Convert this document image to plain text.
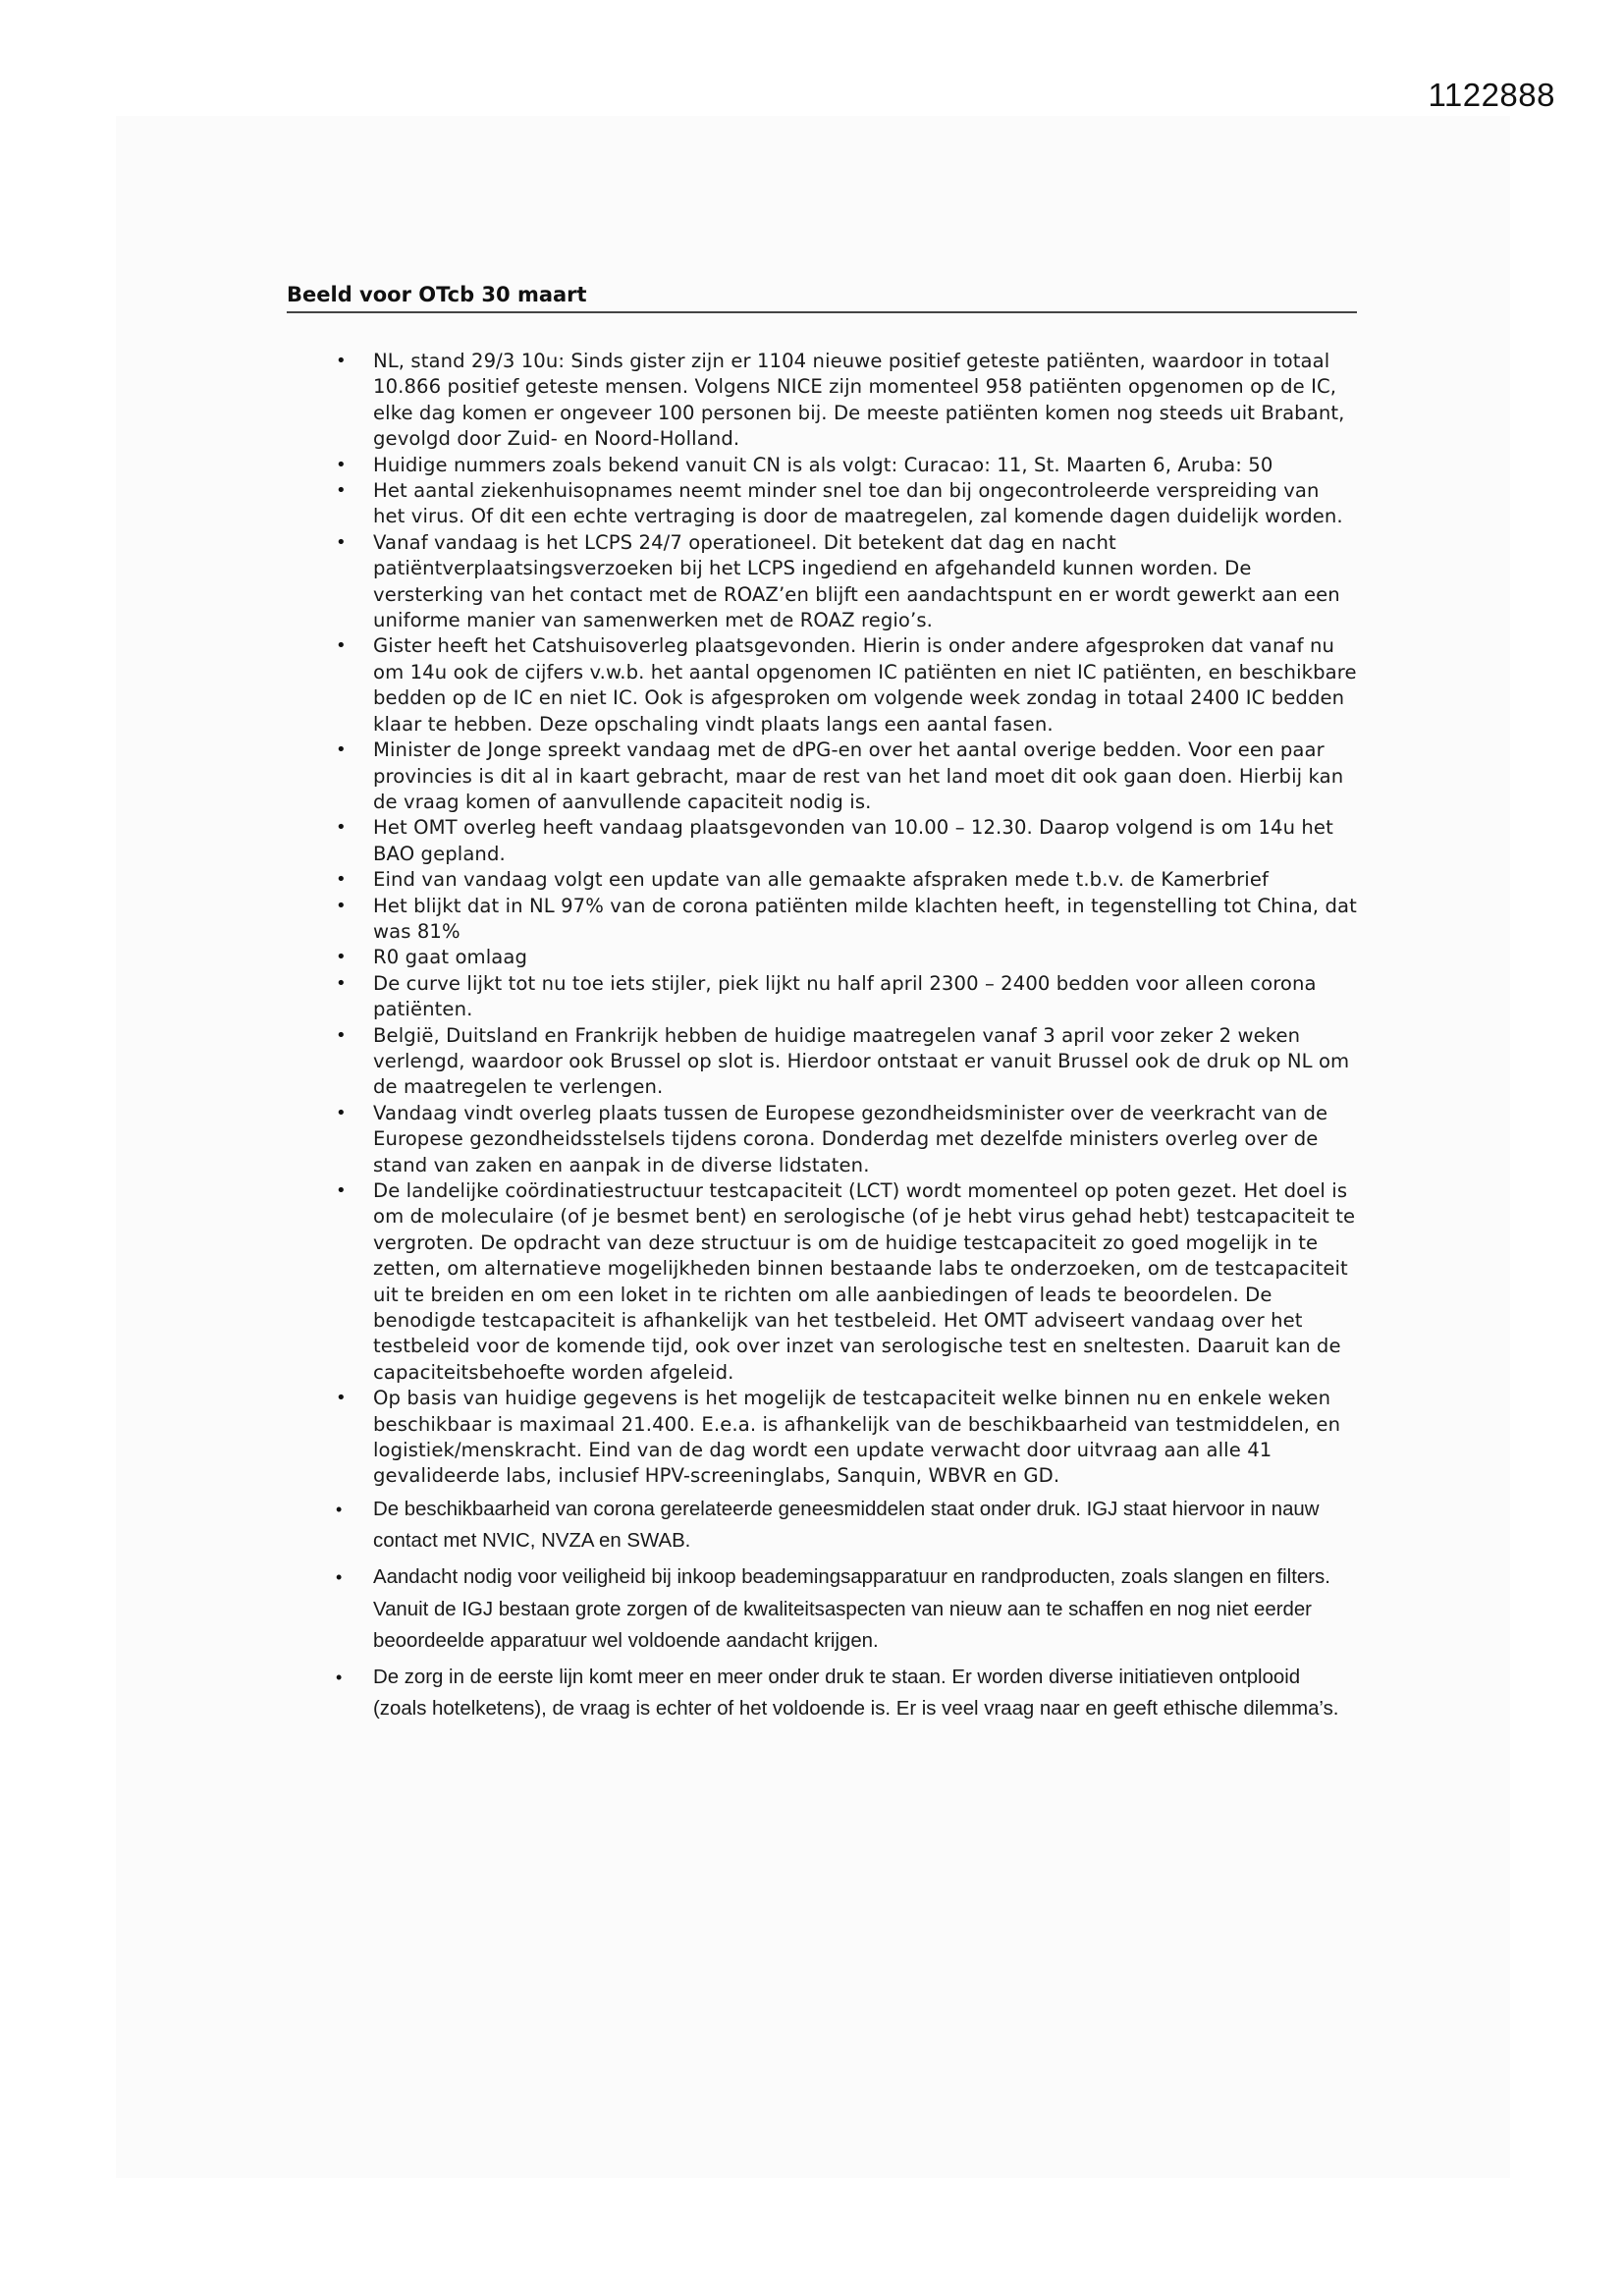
1122888
Beeld voor OTcb 30 maart
• NL, stand 29/3 10u: Sinds gister zijn er 1104 nieuwe positief geteste patiënten, waardoor in totaal 10.866 positief geteste mensen. Volgens NICE zijn momenteel 958 patiënten opgenomen op de IC, elke dag komen er ongeveer 100 personen bij. De meeste patiënten komen nog steeds uit Brabant, gevolgd door Zuid- en Noord-Holland.
• Huidige nummers zoals bekend vanuit CN is als volgt: Curacao: 11, St. Maarten 6, Aruba: 50
• Het aantal ziekenhuisopnames neemt minder snel toe dan bij ongecontroleerde verspreiding van het virus. Of dit een echte vertraging is door de maatregelen, zal komende dagen duidelijk worden.
• Vanaf vandaag is het LCPS 24/7 operationeel. Dit betekent dat dag en nacht patiëntverplaatsingsverzoeken bij het LCPS ingediend en afgehandeld kunnen worden. De versterking van het contact met de ROAZ’en blijft een aandachtspunt en er wordt gewerkt aan een uniforme manier van samenwerken met de ROAZ regio’s.
• Gister heeft het Catshuisoverleg plaatsgevonden. Hierin is onder andere afgesproken dat vanaf nu om 14u ook de cijfers v.w.b. het aantal opgenomen IC patiënten en niet IC patiënten, en beschikbare bedden op de IC en niet IC. Ook is afgesproken om volgende week zondag in totaal 2400 IC bedden klaar te hebben. Deze opschaling vindt plaats langs een aantal fasen.
• Minister de Jonge spreekt vandaag met de dPG-en over het aantal overige bedden. Voor een paar provincies is dit al in kaart gebracht, maar de rest van het land moet dit ook gaan doen. Hierbij kan de vraag komen of aanvullende capaciteit nodig is.
• Het OMT overleg heeft vandaag plaatsgevonden van 10.00 – 12.30. Daarop volgend is om 14u het BAO gepland.
• Eind van vandaag volgt een update van alle gemaakte afspraken mede t.b.v. de Kamerbrief
• Het blijkt dat in NL 97% van de corona patiënten milde klachten heeft, in tegenstelling tot China, dat was 81%
• R0 gaat omlaag
• De curve lijkt tot nu toe iets stijler, piek lijkt nu half april 2300 – 2400 bedden voor alleen corona patiënten.
• België, Duitsland en Frankrijk hebben de huidige maatregelen vanaf 3 april voor zeker 2 weken verlengd, waardoor ook Brussel op slot is. Hierdoor ontstaat er vanuit Brussel ook de druk op NL om de maatregelen te verlengen.
• Vandaag vindt overleg plaats tussen de Europese gezondheidsminister over de veerkracht van de Europese gezondheidsstelsels tijdens corona. Donderdag met dezelfde ministers overleg over de stand van zaken en aanpak in de diverse lidstaten.
• De landelijke coördinatiestructuur testcapaciteit (LCT) wordt momenteel op poten gezet. Het doel is om de moleculaire (of je besmet bent) en serologische (of je hebt virus gehad hebt) testcapaciteit te vergroten. De opdracht van deze structuur is om de huidige testcapaciteit zo goed mogelijk in te zetten, om alternatieve mogelijkheden binnen bestaande labs te onderzoeken, om de testcapaciteit uit te breiden en om een loket in te richten om alle aanbiedingen of leads te beoordelen. De benodigde testcapaciteit is afhankelijk van het testbeleid. Het OMT adviseert vandaag over het testbeleid voor de komende tijd, ook over inzet van serologische test en sneltesten. Daaruit kan de capaciteitsbehoefte worden afgeleid.
• Op basis van huidige gegevens is het mogelijk de testcapaciteit welke binnen nu en enkele weken beschikbaar is maximaal 21.400. E.e.a. is afhankelijk van de beschikbaarheid van testmiddelen, en logistiek/menskracht. Eind van de dag wordt een update verwacht door uitvraag aan alle 41 gevalideerde labs, inclusief HPV-screeninglabs, Sanquin, WBVR en GD.
• De beschikbaarheid van corona gerelateerde geneesmiddelen staat onder druk. IGJ staat hiervoor in nauw contact met NVIC, NVZA en SWAB.
• Aandacht nodig voor veiligheid bij inkoop beademingsapparatuur en randproducten, zoals slangen en filters. Vanuit de IGJ bestaan grote zorgen of de kwaliteitsaspecten van nieuw aan te schaffen en nog niet eerder beoordeelde apparatuur wel voldoende aandacht krijgen.
• De zorg in de eerste lijn komt meer en meer onder druk te staan. Er worden diverse initiatieven ontplooid (zoals hotelketens), de vraag is echter of het voldoende is. Er is veel vraag naar en geeft ethische dilemma’s.
